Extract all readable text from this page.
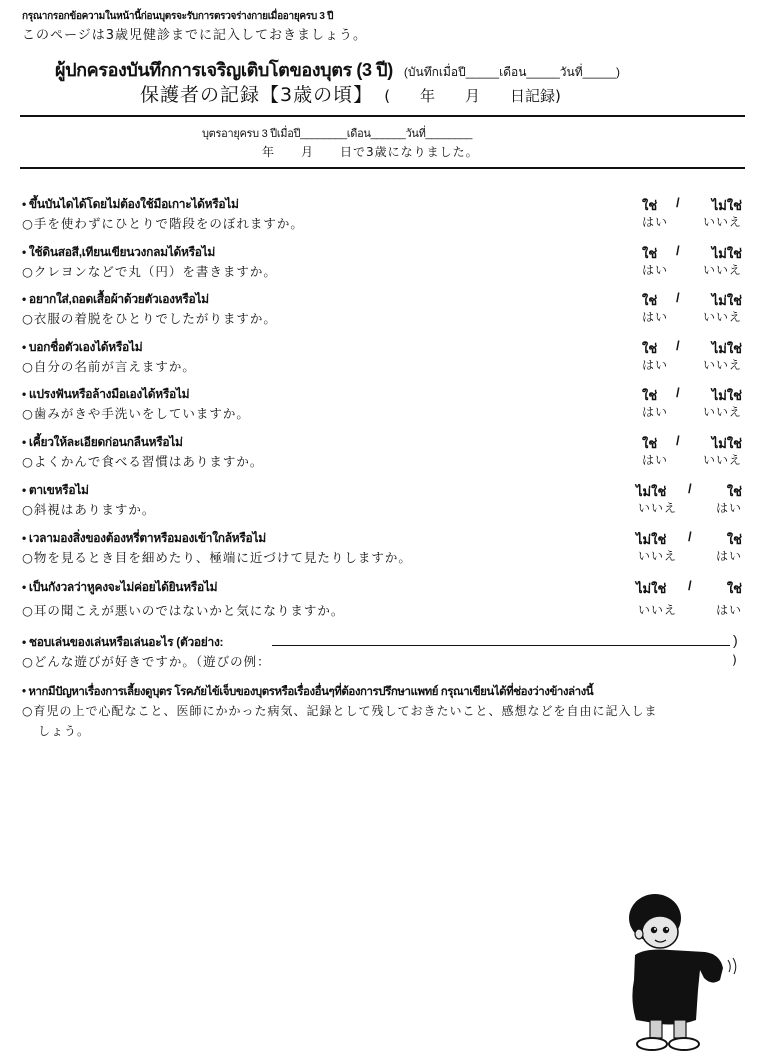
กรุณากรอกข้อความในหน้านี้ก่อนบุตรจะรับการตรวจร่างกายเมื่ออายุครบ 3 ปี
このページは3歳児健診までに記入しておきましょう。
ผู้ปกครองบันทึกการเจริญเติบโตของบุตร (3 ปี) (บันทึกเมื่อปี_____เดือน_____วันที่_____)
保護者の記録【3歳の頃】 (　　年　　月　　日記録)
บุตรอายุครบ 3 ปีเมื่อปี________เดือน______วันที่________
年　　月　　日で3歳になりました。
• ขึ้นบันไดได้โดยไม่ต้องใช้มือเกาะได้หรือไม่
○手を使わずにひとりで階段をのぼれますか。
ใช่ / ไม่ใช่
はい	いいえ
• ใช้ดินสอสี,เทียนเขียนวงกลมได้หรือไม่
○クレヨンなどで丸（円）を書きますか。
ใช่ / ไม่ใช่
はい	いいえ
• อยากใส่,ถอดเสื้อผ้าด้วยตัวเองหรือไม่
○衣服の着脱をひとりでしたがりますか。
ใช่ / ไม่ใช่
はい	いいえ
• บอกชื่อตัวเองได้หรือไม่
○自分の名前が言えますか。
ใช่ / ไม่ใช่
はい	いいえ
• แปรงฟันหรือล้างมือเองได้หรือไม่
○歯みがきや手洗いをしていますか。
ใช่ / ไม่ใช่
はい	いいえ
• เคี้ยวให้ละเอียดก่อนกลืนหรือไม่
○よくかんで食べる習慣はありますか。
ใช่ / ไม่ใช่
はい	いいえ
• ตาเขหรือไม่
○斜視はありますか。
ไม่ใช่ /	ใช่
いいえ	はい
• เวลามองสิ่งของต้องหรี่ตาหรือมองเข้าใกล้หรือไม่
○物を見るとき目を細めたり、極端に近づけて見たりしますか。
ไม่ใช่ /	ใช่
いいえ	はい
• เป็นกังวลว่าหูคงจะไม่ค่อยได้ยินหรือไม่
○耳の聞こえが悪いのではないかと気になりますか。
ไม่ใช่ /	ใช่
いいえ	はい
• ชอบเล่นของเล่นหรือเล่นอะไร (ตัวอย่าง:	)
○どんな遊びが好きですか。（遊びの例：	)
• หากมีปัญหาเรื่องการเลี้ยงดูบุตร โรคภัยไข้เจ็บของบุตรหรือเรื่องอื่นๆที่ต้องการปรึกษาแพทย์ กรุณาเขียนได้ที่ช่องว่างข้างล่างนี้
○育児の上で心配なこと、医師にかかった病気、記録として残しておきたいこと、感想などを自由に記入しま
しょう。
